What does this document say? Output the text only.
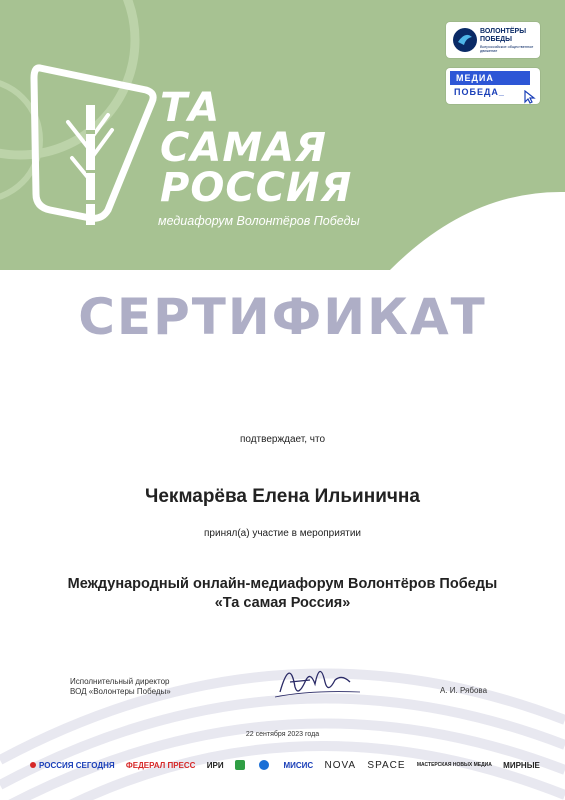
ТА
САМАЯ
РОССИЯ
медиафорум Волонтёров Победы
ВОЛОНТЁРЫ ПОБЕДЫ
Всероссийское общественное движение
МЕДИА
ПОБЕДА_
СЕРТИФИКАТ
подтверждает, что
Чекмарёва Елена Ильинична
принял(а) участие в мероприятии
Международный онлайн-медиафорум Волонтёров Победы
«Та самая Россия»
Исполнительный директор
ВОД «Волонтеры Победы»	А. И. Рябова
22 сентября 2023 года
РОССИЯ СЕГОДНЯ ФЕДЕРАЛ ПРЕСС ИРИ	МИСИС NOVA SPACE МАСТЕРСКАЯ НОВЫХ МЕДИА МИРНЫЕ
